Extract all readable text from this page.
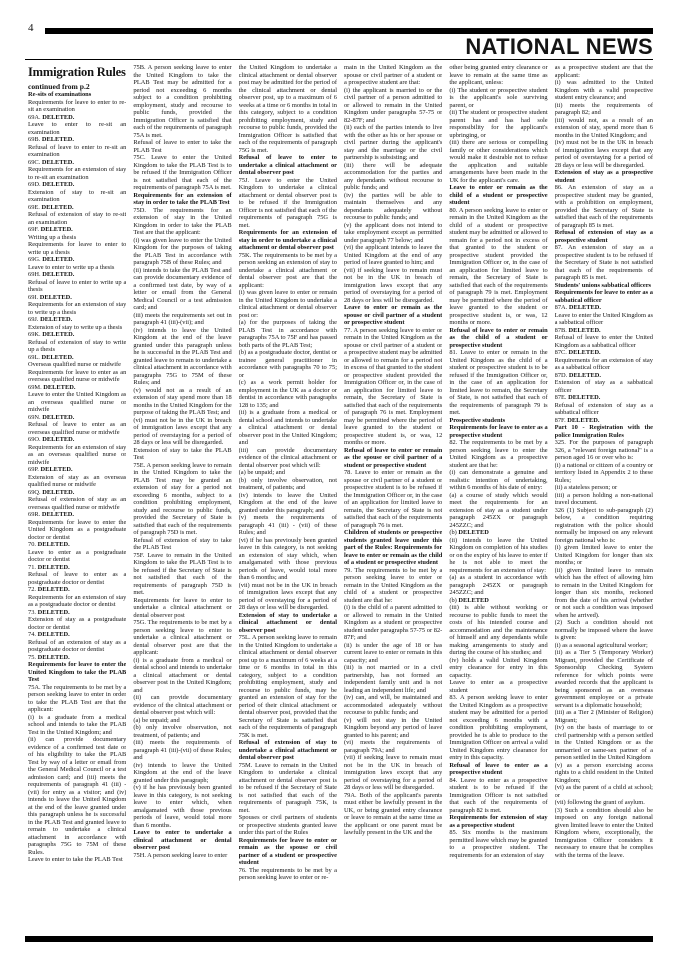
4
NATIONAL NEWS

Immigration Rules

continued from p.2

Re-sits of examinations

Requirements for leave to enter to re-sit an examination

69A. DELETED.

Leave to enter to re-sit an examination

69B. DELETED.

Refusal of leave to enter to re-sit an examination

69C. DELETED.

Requirements for an extension of stay to re-sit an examination

69D. DELETED.

Extension of stay to re-sit an examination

69E. DELETED.

Refusal of extension of stay to re-sit an examination

69F. DELETED.

Writing up a thesis

Requirements for leave to enter to write up a thesis

69G. DELETED.

Leave to enter to write up a thesis

69H. DELETED.

Refusal of leave to enter to write up a thesis

69I. DELETED.

Requirements for an extension of stay to write up a thesis

69J. DELETED.

Extension of stay to write up a thesis

69K. DELETED.

Refusal of extension of stay to write up a thesis

69L. DELETED.

Overseas qualified nurse or midwife

Requirements for leave to enter as an overseas qualified nurse or midwife

69M. DELETED.

Leave to enter the United Kingdom as an overseas qualified nurse or midwife

69N. DELETED.

Refusal of leave to enter as an overseas qualified nurse or midwife

69O. DELETED.

Requirements for an extension of stay as an overseas qualified nurse or midwife

69P. DELETED.

Extension of stay as an overseas qualified nurse or midwife

69Q. DELETED.

Refusal of extension of stay as an overseas qualified nurse or midwife

69R. DELETED.

Requirements for leave to enter the United Kingdom as a postgraduate doctor or dentist

70. DELETED.

Leave to enter as a postgraduate doctor or dentist

71. DELETED.

Refusal of leave to enter as a postgraduate doctor or dentist

72. DELETED.

Requirements for an extension of stay as a postgraduate doctor or dentist

73. DELETED.

Extension of stay as a postgraduate doctor or dentist

74. DELETED.

Refusal of an extension of stay as a postgraduate doctor or dentist

75. DELETED.

Requirements for leave to enter the United Kingdom to take the PLAB Test

75A. The requirements to be met by a person seeking leave to enter in order to take the PLAB Test are that the applicant:

(i) is a graduate from a medical school and intends to take the PLAB Test in the United Kingdom; and

(ii) can provide documentary evidence of a confirmed test date or of his eligibility to take the PLAB Test by way of a letter or email from the General Medical Council or a test admission card; and (iii) meets the requirements of paragraph 41 (iii) - (vii) for entry as a visitor; and (iv) intends to leave the United Kingdom at the end of the leave granted under this paragraph unless he is successful in the PLAB Test and granted leave to remain to undertake a clinical attachment in accordance with paragraphs 75G to 75M of these Rules.

Leave to enter to take the PLAB Test

75B. A person seeking leave to enter the United Kingdom to take the PLAB Test may be admitted for a period not exceeding 6 months subject to a condition prohibiting employment, study and recourse to public funds, provided the Immigration Officer is satisfied that each of the requirements of paragraph 75A is met.

Refusal of leave to enter to take the PLAB Test

75C. Leave to enter the United Kingdom to take the PLAB Test is to be refused if the Immigration Officer is not satisfied that each of the requirements of paragraph 75A is met.

Requirements for an extension of stay in order to take the PLAB Test

75D. The requirements for an extension of stay in the United Kingdom in order to take the PLAB Test are that the applicant:

(i) was given leave to enter the United Kingdom for the purposes of taking the PLAB Test in accordance with paragraph 75B of these Rules; and

(ii) intends to take the PLAB Test and can provide documentary evidence of a confirmed test date, by way of a letter or email from the General Medical Council or a test admission card; and

(iii) meets the requirements set out in paragraph 41 (iii)-(vii); and

(iv) intends to leave the United Kingdom at the end of the leave granted under this paragraph unless he is successful in the PLAB Test and granted leave to remain to undertake a clinical attachment in accordance with paragraphs 75G to 75M of these Rules; and

(v) would not as a result of an extension of stay spend more than 18 months in the United Kingdom for the purpose of taking the PLAB Test; and

(vi) must not be in the UK in breach of immigration laws except that any period of overstaying for a period of 28 days or less will be disregarded.

Extension of stay to take the PLAB Test

75E. A person seeking leave to remain in the United Kingdom to take the PLAB Test may be granted an extension of stay for a period not exceeding 6 months, subject to a condition prohibiting employment, study and recourse to public funds, provided the Secretary of State is satisfied that each of the requirements of paragraph 75D is met.

Refusal of extension of stay to take the PLAB Test

75F. Leave to remain in the United Kingdom to take the PLAB Test is to be refused if the Secretary of State is not satisfied that each of the requirements of paragraph 75D is met.

Requirements for leave to enter to undertake a clinical attachment or dental observer post

75G. The requirements to be met by a person seeking leave to enter to undertake a clinical attachment or dental observer post are that the applicant:

(i) is a graduate from a medical or dental school and intends to undertake a clinical attachment or dental observer post in the United Kingdom; and

(ii) can provide documentary evidence of the clinical attachment or dental observer post which will:

(a) be unpaid; and

(b) only involve observation, not treatment, of patients; and

(iii) meets the requirements of paragraph 41 (iii)-(vii) of these Rules; and

(iv) intends to leave the United Kingdom at the end of the leave granted under this paragraph;

(v) if he has previously been granted leave in this category, is not seeking leave to enter which, when amalgamated with those previous periods of leave, would total more than 6 months.

Leave to enter to undertake a clinical attachment or dental observer post

75H. A person seeking leave to enter

the United Kingdom to undertake a clinical attachment or dental observer post may be admitted for the period of the clinical attachment or dental observer post, up to a maximum of 6 weeks at a time or 6 months in total in this category, subject to a condition prohibiting employment, study and recourse to public funds, provided the Immigration Officer is satisfied that each of the requirements of paragraph 75G is met.

Refusal of leave to enter to undertake a clinical attachment or dental observer post

75J. Leave to enter the United Kingdom to undertake a clinical attachment or dental observer post is to be refused if the Immigration Officer is not satisfied that each of the requirements of paragraph 75G is met.

Requirements for an extension of stay in order to undertake a clinical attachment or dental observer post

75K. The requirements to be met by a person seeking an extension of stay to undertake a clinical attachment or dental observer post are that the applicant:

(i) was given leave to enter or remain in the United Kingdom to undertake a clinical attachment or dental observer post or:

(a) for the purposes of taking the PLAB Test in accordance with paragraphs 75A to 75F and has passed both parts of the PLAB Test;

(b) as a postgraduate doctor, dentist or trainee general practitioner in accordance with paragraphs 70 to 75; or

(c) as a work permit holder for employment in the UK as a doctor or dentist in accordance with paragraphs 128 to 135; and

(ii) is a graduate from a medical or dental school and intends to undertake a clinical attachment or dental observer post in the United Kingdom; and

(iii) can provide documentary evidence of the clinical attachment or dental observer post which will:

(a) be unpaid; and

(b) only involve observation, not treatment, of patients; and

(iv) intends to leave the United Kingdom at the end of the leave granted under this paragraph; and

(v) meets the requirements of paragraph 41 (iii) - (vii) of these Rules; and

(vi) if he has previously been granted leave in this category, is not seeking an extension of stay which, when amalgamated with those previous periods of leave, would total more than 6 months; and

(vii) must not be in the UK in breach of immigration laws except that any period of overstaying for a period of 28 days or less will be disregarded.

Extension of stay to undertake a clinical attachment or dental observer post

75L. A person seeking leave to remain in the United Kingdom to undertake a clinical attachment or dental observer post up to a maximum of 6 weeks at a time or 6 months in total in this category, subject to a condition prohibiting employment, study and recourse to public funds, may be granted an extension of stay for the period of their clinical attachment or dental observer post, provided that the Secretary of State is satisfied that each of the requirements of paragraph 75K is met.

Refusal of extension of stay to undertake a clinical attachment or dental observer post

75M. Leave to remain in the United Kingdom to undertake a clinical attachment or dental observer post is to be refused if the Secretary of State is not satisfied that each of the requirements of paragraph 75K, is met.

Spouses or civil partners of students or prospective students granted leave under this part of the Rules

Requirements for leave to enter or remain as the spouse or civil partner of a student or prospective student

76. The requirements to be met by a person seeking leave to enter or re-

main in the United Kingdom as the spouse or civil partner of a student or a prospective student are that:

(i) the applicant is married to or the civil partner of a person admitted to or allowed to remain in the United Kingdom under paragraphs 57-75 or 82-87F; and

(ii) each of the parties intends to live with the other as his or her spouse or civil partner during the applicant's stay and the marriage or the civil partnership is subsisting; and

(iii) there will be adequate accommodation for the parties and any dependants without recourse to public funds; and

(iv) the parties will be able to maintain themselves and any dependants adequately without recourse to public funds; and

(v) the applicant does not intend to take employment except as permitted under paragraph 77 below; and

(vi) the applicant intends to leave the United Kingdom at the end of any period of leave granted to him; and

(vii) if seeking leave to remain must not be in the UK in breach of immigration laws except that any period of overstaying for a period of 28 days or less will be disregarded.

Leave to enter or remain as the spouse or civil partner of a student or prospective student

77. A person seeking leave to enter or remain in the United Kingdom as the spouse or civil partner of a student or a prospective student may be admitted or allowed to remain for a period not in excess of that granted to the student or prospective student provided the Immigration Officer or, in the case of an application for limited leave to remain, the Secretary of State is satisfied that each of the requirements of paragraph 76 is met. Employment may be permitted where the period of leave granted to the student or prospective student is, or was, 12 months or more.

Refusal of leave to enter or remain as the spouse or civil partner of a student or prospective student

78. Leave to enter or remain as the spouse or civil partner of a student or prospective student is to be refused if the Immigration Officer or, in the case of an application for limited leave to remain, the Secretary of State is not satisfied that each of the requirements of paragraph 76 is met.

Children of students or prospective students granted leave under this part of the Rules: Requirements for leave to enter or remain as the child of a student or prospective student

79. The requirements to be met by a person seeking leave to enter or remain in the United Kingdom as the child of a student or prospective student are that he:

(i) is the child of a parent admitted to or allowed to remain in the United Kingdom as a student or prospective student under paragraphs 57-75 or 82-87F; and

(ii) is under the age of 18 or has current leave to enter or remain in this capacity; and

(iii) is not married or in a civil partnership, has not formed an independent family unit and is not leading an independent life; and

(iv) can, and will, be maintained and accommodated adequately without recourse to public funds; and

(v) will not stay in the United Kingdom beyond any period of leave granted to his parent; and

(vi) meets the requirements of paragraph 79A; and

(vii) if seeking leave to remain must not be in the UK in breach of immigration laws except that any period of overstaying for a period of 28 days or less will be disregarded.

79A. Both of the applicant's parents must either be lawfully present in the UK, or being granted entry clearance or leave to remain at the same time as the applicant or one parent must be lawfully present in the UK and the

other being granted entry clearance or leave to remain at the same time as the applicant, unless:

(i) The student or prospective student is the applicant's sole surviving parent, or

(ii) The student or prospective student parent has and has had sole responsibility for the applicant's upbringing, or

(iii) there are serious or compelling family or other considerations which would make it desirable not to refuse the application and suitable arrangements have been made in the UK for the applicant's care.

Leave to enter or remain as the child of a student or prospective student

80. A person seeking leave to enter or remain in the United Kingdom as the child of a student or prospective student may be admitted or allowed to remain for a period not in excess of that granted to the student or prospective student provided the Immigration Officer or, in the case of an application for limited leave to remain, the Secretary of State is satisfied that each of the requirements of paragraph 79 is met. Employment may be permitted where the period of leave granted to the student or prospective student is, or was, 12 months or more.

Refusal of leave to enter or remain as the child of a student or prospective student

81. Leave to enter or remain in the United Kingdom as the child of a student or prospective student is to be refused if the Immigration Officer or, in the case of an application for limited leave to remain, the Secretary of State, is not satisfied that each of the requirements of paragraph 79 is met.

Prospective students

Requirements for leave to enter as a prospective student

82. The requirements to be met by a person seeking leave to enter the United Kingdom as a prospective student are that he:

(i) can demonstrate a genuine and realistic intention of undertaking, within 6 months of his date of entry:

(a) a course of study which would meet the requirements for an extension of stay as a student under paragraph 245ZX or paragraph 245ZZC; and

(b) DELETED

(ii) intends to leave the United Kingdom on completion of his studies or on the expiry of his leave to enter if he is not able to meet the requirements for an extension of stay:

(a) as a student in accordance with paragraph 245ZX or paragraph 245ZZC; and

(b) DELETED

(iii) is able without working or recourse to public funds to meet the costs of his intended course and accommodation and the maintenance of himself and any dependants while making arrangements to study and during the course of his studies; and

(iv) holds a valid United Kingdom entry clearance for entry in this capacity.

Leave to enter as a prospective student

83. A person seeking leave to enter the United Kingdom as a prospective student may be admitted for a period not exceeding 6 months with a condition prohibiting employment, provided he is able to produce to the Immigration Officer on arrival a valid United Kingdom entry clearance for entry in this capacity.

Refusal of leave to enter as a prospective student

84. Leave to enter as a prospective student is to be refused if the Immigration Officer is not satisfied that each of the requirements of paragraph 82 is met.

Requirements for extension of stay as a prospective student

85. Six months is the maximum permitted leave which may be granted to a prospective student. The requirements for an extension of stay

as a prospective student are that the applicant:

(i) was admitted to the United Kingdom with a valid prospective student entry clearance; and

(ii) meets the requirements of paragraph 82; and

(iii) would not, as a result of an extension of stay, spend more than 6 months in the United Kingdom; and

(iv) must not be in the UK in breach of immigration laws except that any period of overstaying for a period of 28 days or less will be disregarded.

Extension of stay as a prospective student

86. An extension of stay as a prospective student may be granted, with a prohibition on employment, provided the Secretary of State is satisfied that each of the requirements of paragraph 85 is met.

Refusal of extension of stay as a prospective student

87. An extension of stay as a prospective student is to be refused if the Secretary of State is not satisfied that each of the requirements of paragraph 85 is met.

Students' unions sabbatical officers

Requirements for leave to enter as a sabbatical officer

87A. DELETED.

Leave to enter the United Kingdom as a sabbatical officer

87B. DELETED.

Refusal of leave to enter the United Kingdom as a sabbatical officer

87C. DELETED.

Requirements for an extension of stay as a sabbatical officer

87D. DELETED.

Extension of stay as a sabbatical officer

87E. DELETED.

Refusal of extension of stay as a sabbatical officer

87F. DELETED.

Part 10 - Registration with the police Immigration Rules

325. For the purposes of paragraph 326, a "relevant foreign national" is a person aged 16 or over who is:

(i) a national or citizen of a country or territory listed in Appendix 2 to these Rules;

(ii) a stateless person; or

(iii) a person holding a non-national travel document.

326 (1) Subject to sub-paragraph (2) below, a condition requiring registration with the police should normally be imposed on any relevant foreign national who is:

(i) given limited leave to enter the United Kingdom for longer than six months; or

(ii) given limited leave to remain which has the effect of allowing him to remain in the United Kingdom for longer than six months, reckoned from the date of his arrival (whether or not such a condition was imposed when he arrived).

(2) Such a condition should not normally be imposed where the leave is given:

(i) as a seasonal agricultural worker;

(ii) as a Tier 5 (Temporary Worker) Migrant, provided the Certificate of Sponsorship Checking System reference for which points were awarded records that the applicant is being sponsored as an overseas government employee or a private servant is a diplomatic household;

(iii) as a Tier 2 (Minister of Religion) Migrant;

(iv) on the basis of marriage to or civil partnership with a person settled in the United Kingdom or as the unmarried or same-sex partner of a person settled in the United Kingdom

(v) as a person exercising access rights to a child resident in the United Kingdom;

(vi) as the parent of a child at school; or

(vii) following the grant of asylum.

(3) Such a condition should also be imposed on any foreign national given limited leave to enter the United Kingdom where, exceptionally, the Immigration Officer considers it necessary to ensure that he complies with the terms of the leave.
